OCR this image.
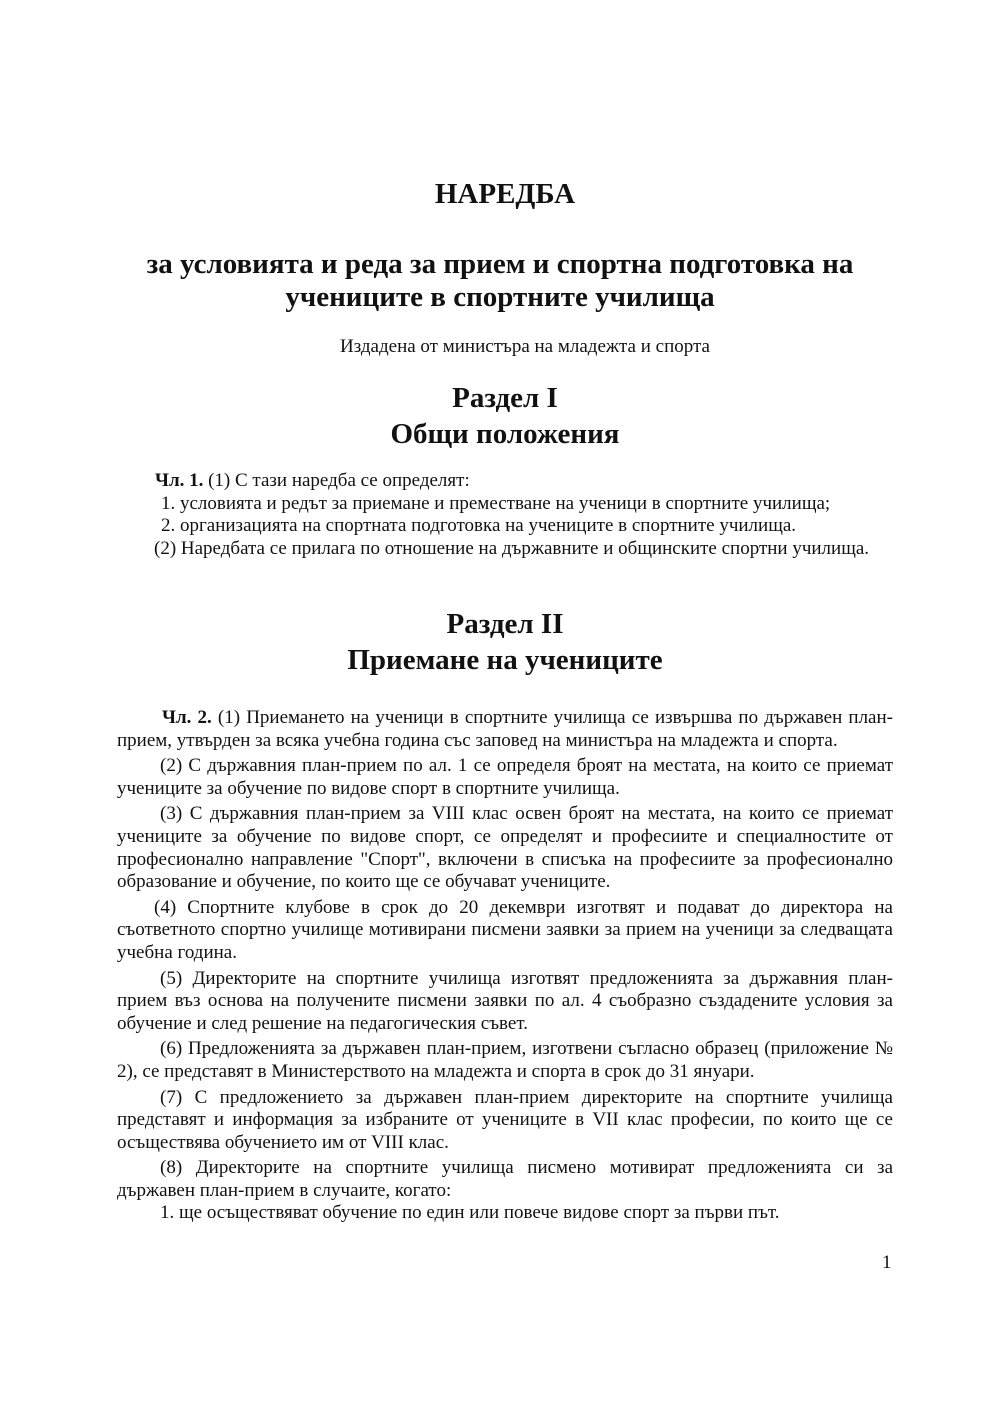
НАРЕДБА
за условията и реда за прием и спортна подготовка на
учениците в спортните училища
Издадена от министъра на младежта и спорта
Раздел I
Общи положения

Чл. 1. (1) С тази наредба се определят:

1. условията и редът за приемане и преместване на ученици в спортните училища;

2. организацията на спортната подготовка на учениците в спортните училища.

(2) Наредбата се прилага по отношение на държавните и общинските спортни училища.

Раздел II
Приемане на учениците

Чл. 2. (1) Приемането на ученици в спортните училища се извършва по държавен план-прием, утвърден за всяка учебна година със заповед на министъра на младежта и спорта.

(2) С държавния план-прием по ал. 1 се определя броят на местата, на които се приемат учениците за обучение по видове спорт в спортните училища.

(3) С държавния план-прием за VIII клас освен броят на местата, на които се приемат учениците за обучение по видове спорт, се определят и професиите и специалностите от професионално направление "Спорт", включени в списъка на професиите за професионално образование и обучение, по които ще се обучават учениците.

(4) Спортните клубове в срок до 20 декември изготвят и подават до директора на съответното спортно училище мотивирани писмени заявки за прием на ученици за следващата учебна година.

(5) Директорите на спортните училища изготвят предложенията за държавния план-прием въз основа на получените писмени заявки по ал. 4 съобразно създадените условия за обучение и след решение на педагогическия съвет.

(6) Предложенията за държавен план-прием, изготвени съгласно образец (приложение № 2), се представят в Министерството на младежта и спорта в срок до 31 януари.

(7) С предложението за държавен план-прием директорите на спортните училища представят и информация за избраните от учениците в VII клас професии, по които ще се осъществява обучението им от VIII клас.

(8) Директорите на спортните училища писмено мотивират предложенията си за държавен план-прием в случаите, когато:

1. ще осъществяват обучение по един или повече видове спорт за първи път.

1
